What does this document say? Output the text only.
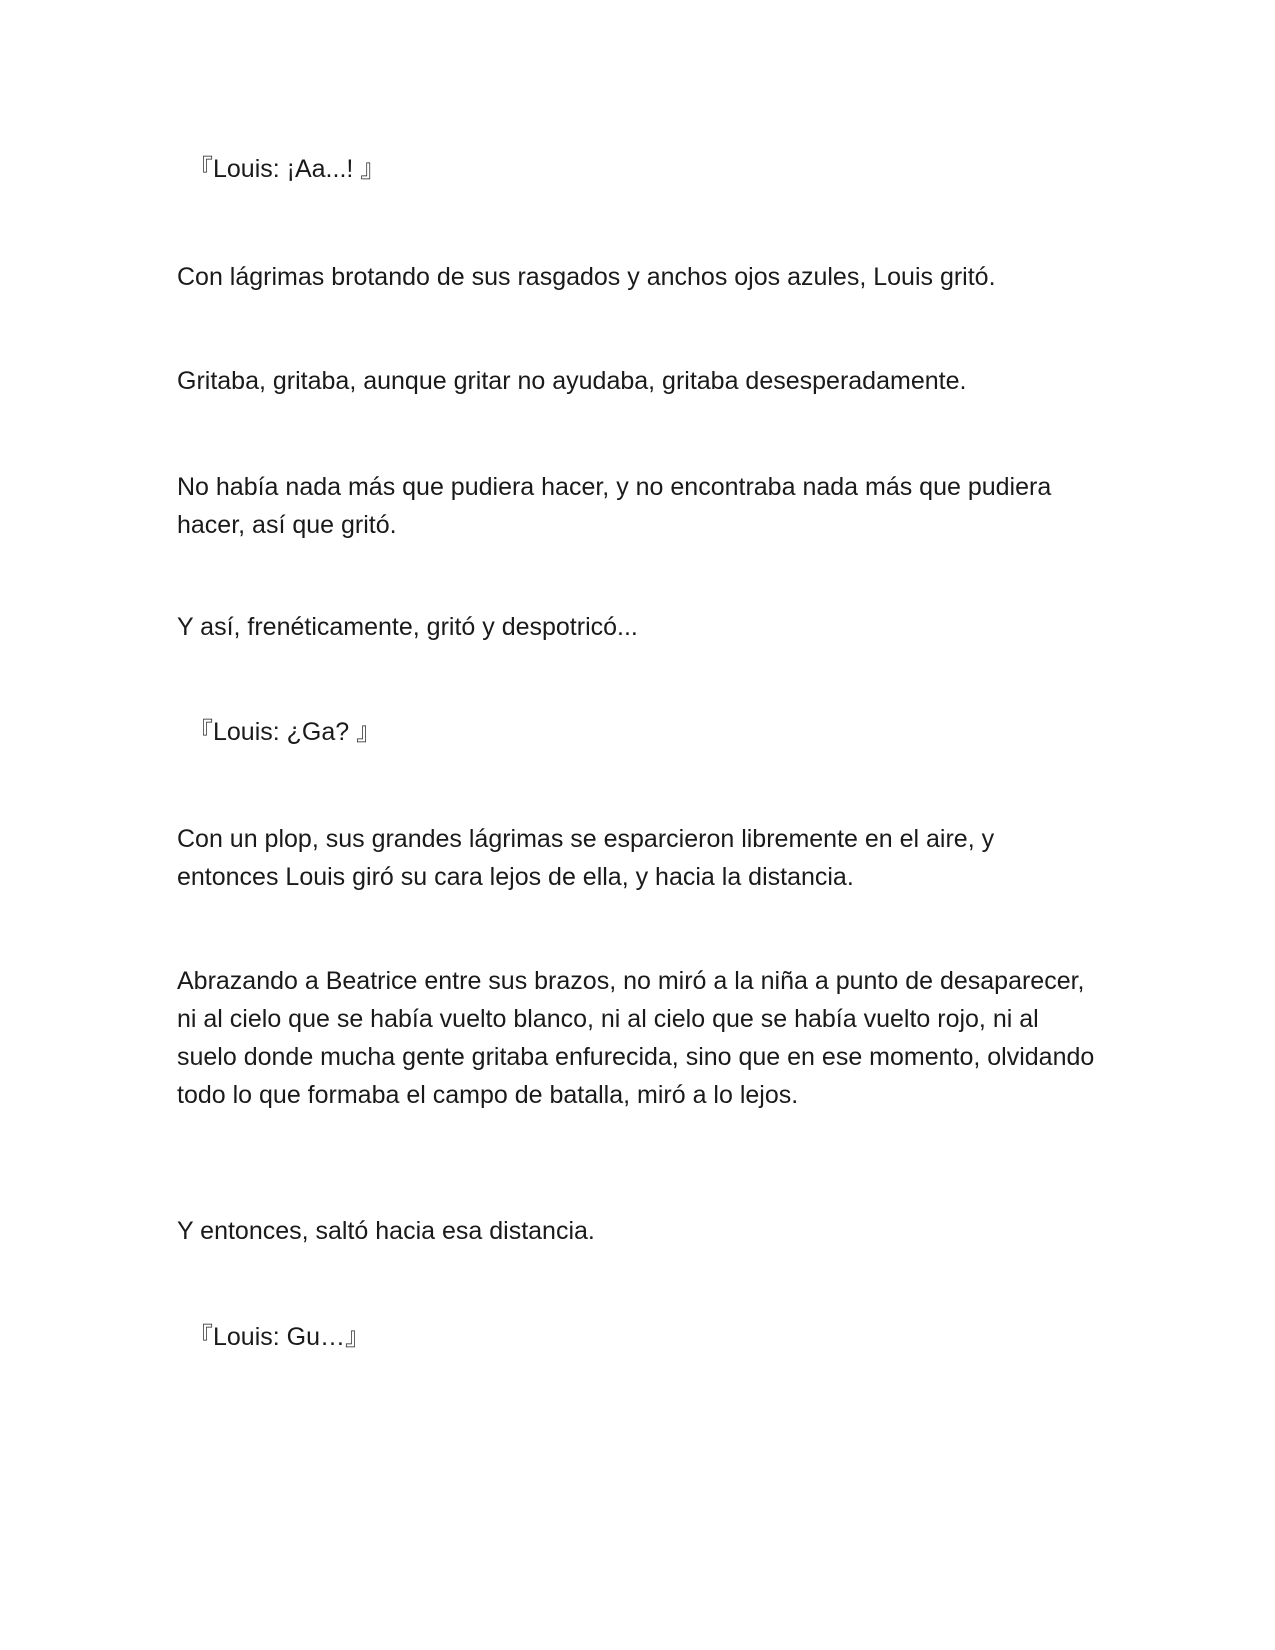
『Louis: ¡Aa...! 』

Con lágrimas brotando de sus rasgados y anchos ojos azules, Louis gritó.

Gritaba, gritaba, aunque gritar no ayudaba, gritaba desesperadamente.

No había nada más que pudiera hacer, y no encontraba nada más que pudiera hacer, así que gritó.

Y así, frenéticamente, gritó y despotricó...

『Louis: ¿Ga? 』

Con un plop, sus grandes lágrimas se esparcieron libremente en el aire, y entonces Louis giró su cara lejos de ella, y hacia la distancia.

Abrazando a Beatrice entre sus brazos, no miró a la niña a punto de desaparecer, ni al cielo que se había vuelto blanco, ni al cielo que se había vuelto rojo, ni al suelo donde mucha gente gritaba enfurecida, sino que en ese momento, olvidando todo lo que formaba el campo de batalla, miró a lo lejos.

Y entonces, saltó hacia esa distancia.

『Louis: Gu…』
